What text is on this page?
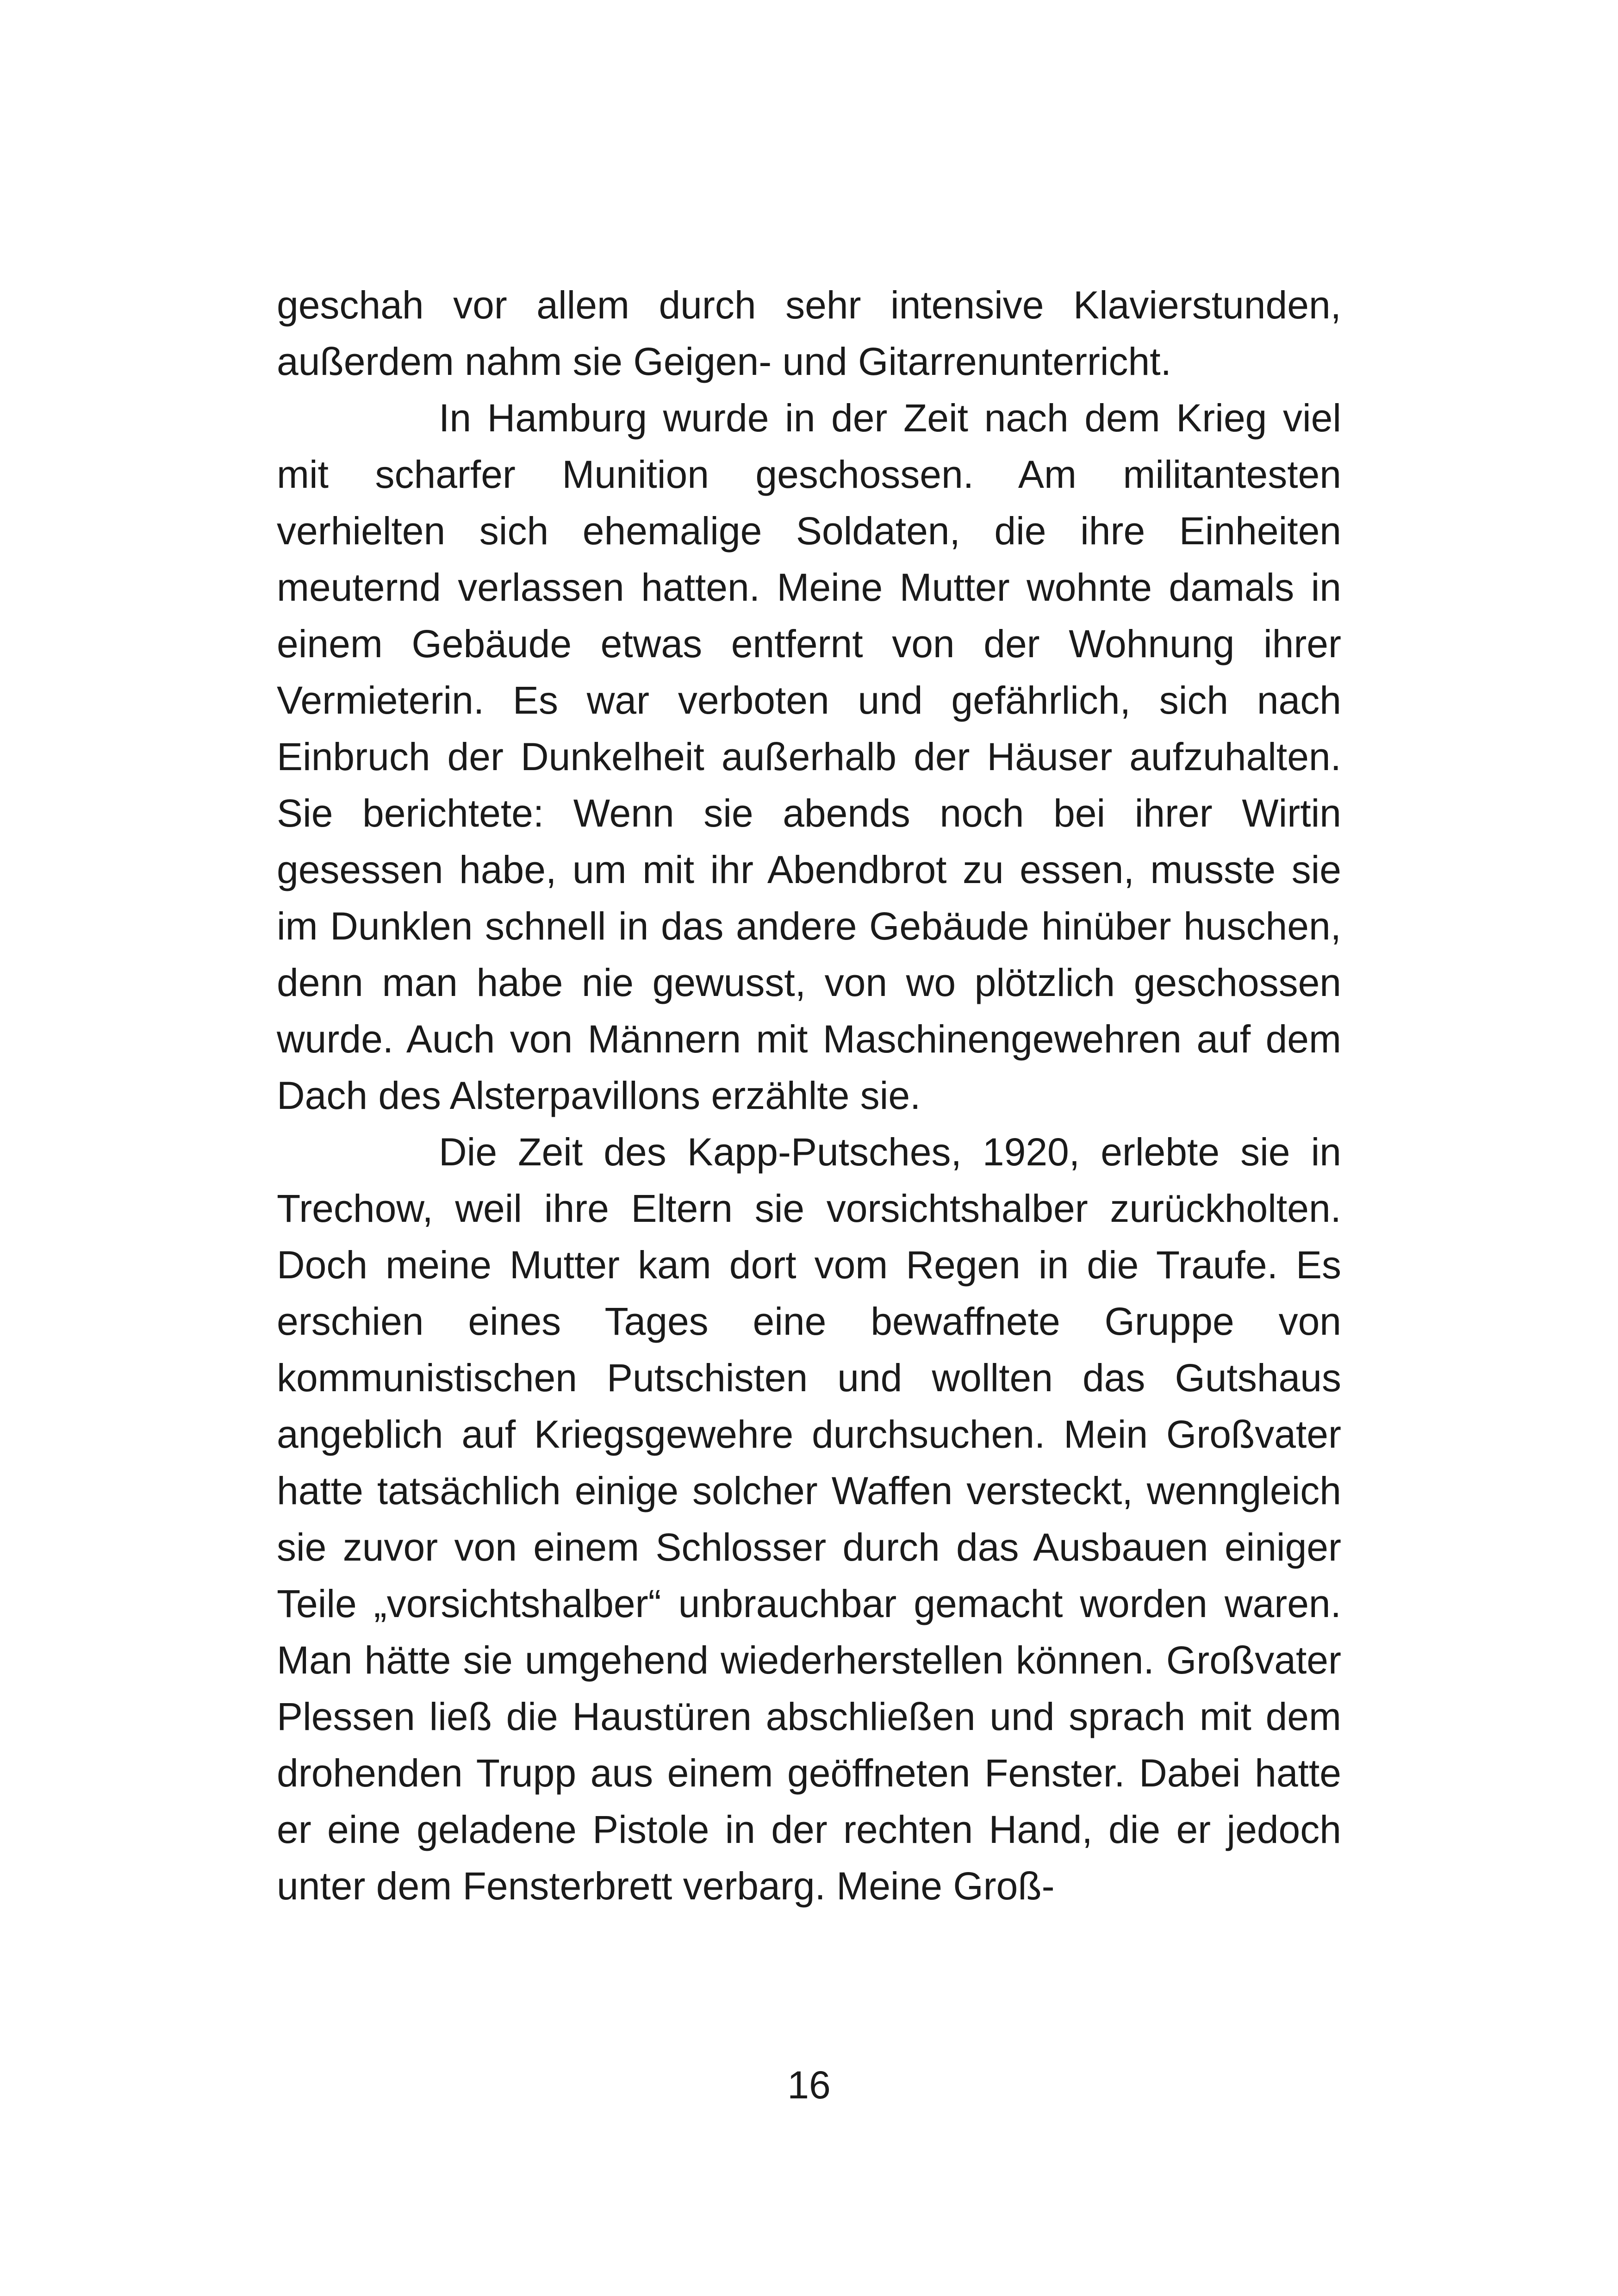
geschah vor allem durch sehr intensive Klavierstunden, außerdem nahm sie Geigen- und Gitarrenunterricht.

In Hamburg wurde in der Zeit nach dem Krieg viel mit scharfer Munition geschossen. Am militantesten verhielten sich ehemalige Soldaten, die ihre Einheiten meuternd verlassen hatten. Meine Mutter wohnte damals in einem Gebäude etwas entfernt von der Wohnung ihrer Vermieterin. Es war verboten und gefährlich, sich nach Einbruch der Dunkelheit außerhalb der Häuser aufzuhalten. Sie berichtete: Wenn sie abends noch bei ihrer Wirtin gesessen habe, um mit ihr Abendbrot zu essen, musste sie im Dunklen schnell in das andere Gebäude hinüber huschen, denn man habe nie gewusst, von wo plötzlich geschossen wurde. Auch von Männern mit Maschinengewehren auf dem Dach des Alsterpavillons erzählte sie.

Die Zeit des Kapp-Putsches, 1920, erlebte sie in Trechow, weil ihre Eltern sie vorsichtshalber zurückholten. Doch meine Mutter kam dort vom Regen in die Traufe. Es erschien eines Tages eine bewaffnete Gruppe von kommunistischen Putschisten und wollten das Gutshaus angeblich auf Kriegsgewehre durchsuchen. Mein Großvater hatte tatsächlich einige solcher Waffen versteckt, wenngleich sie zuvor von einem Schlosser durch das Ausbauen einiger Teile „vorsichtshalber“ unbrauchbar gemacht worden waren. Man hätte sie umgehend wiederherstellen können. Großvater Plessen ließ die Haustüren abschließen und sprach mit dem drohenden Trupp aus einem geöffneten Fenster. Dabei hatte er eine geladene Pistole in der rechten Hand, die er jedoch unter dem Fensterbrett verbarg. Meine Groß-

16
